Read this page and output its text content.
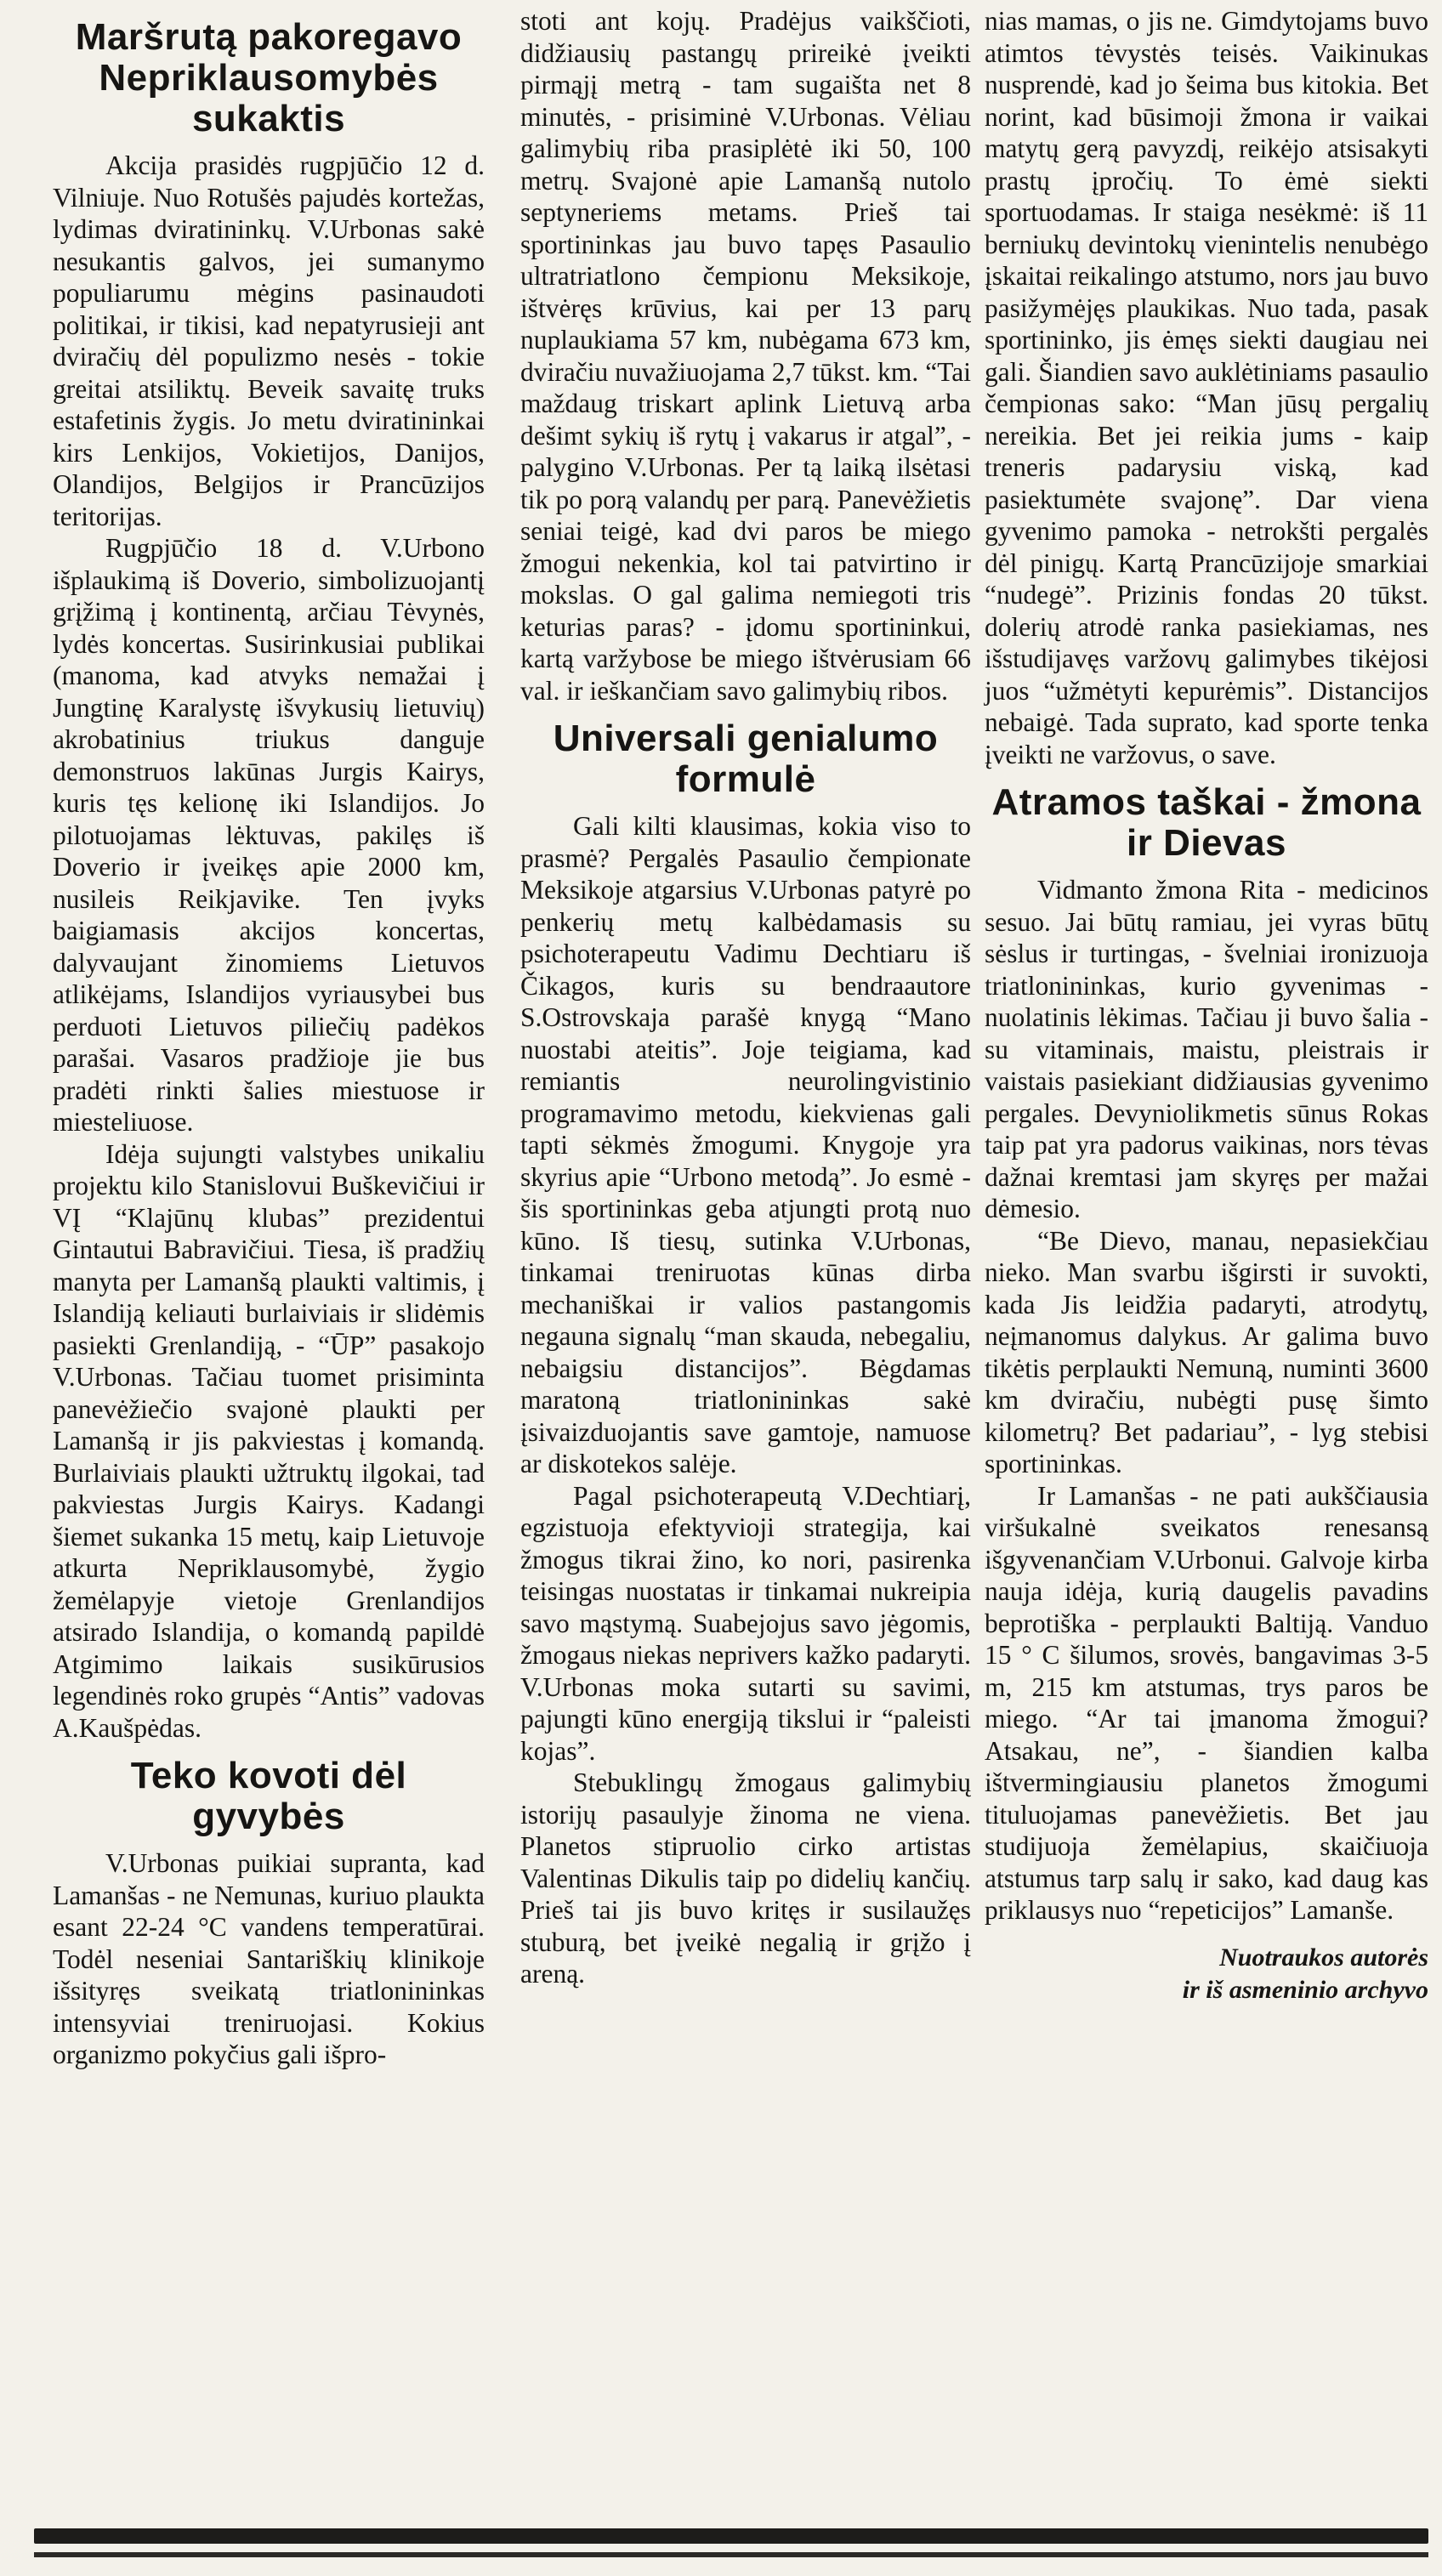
Maršrutą pakoregavo Nepriklausomybės sukaktis

Akcija prasidės rugpjūčio 12 d. Vilniuje. Nuo Rotušės pajudės kortežas, lydimas dviratininkų. V.Urbonas sakė nesukantis galvos, jei sumanymo populiarumu mėgins pasinaudoti politikai, ir tikisi, kad nepatyrusieji ant dviračių dėl populizmo nesės - tokie greitai atsiliktų. Beveik savaitę truks estafetinis žygis. Jo metu dviratininkai kirs Lenkijos, Vokietijos, Danijos, Olandijos, Belgijos ir Prancūzijos teritorijas.

Rugpjūčio 18 d. V.Urbono išplaukimą iš Doverio, simbolizuojantį grįžimą į kontinentą, arčiau Tėvynės, lydės koncertas. Susirinkusiai publikai (manoma, kad atvyks nemažai į Jungtinę Karalystę išvykusių lietuvių) akrobatinius triukus danguje demonstruos lakūnas Jurgis Kairys, kuris tęs kelionę iki Islandijos. Jo pilotuojamas lėktuvas, pakilęs iš Doverio ir įveikęs apie 2000 km, nusileis Reikjavike. Ten įvyks baigiamasis akcijos koncertas, dalyvaujant žinomiems Lietuvos atlikėjams, Islandijos vyriausybei bus perduoti Lietuvos piliečių padėkos parašai. Vasaros pradžioje jie bus pradėti rinkti šalies miestuose ir miesteliuose.

Idėja sujungti valstybes unikaliu projektu kilo Stanislovui Buškevičiui ir VĮ “Klajūnų klubas” prezidentui Gintautui Babravičiui. Tiesa, iš pradžių manyta per Lamanšą plaukti valtimis, į Islandiją keliauti burlaiviais ir slidėmis pasiekti Grenlandiją, - “ŪP” pasakojo V.Urbonas. Tačiau tuomet prisiminta panevėžiečio svajonė plaukti per Lamanšą ir jis pakviestas į komandą. Burlaiviais plaukti užtruktų ilgokai, tad pakviestas Jurgis Kairys. Kadangi šiemet sukanka 15 metų, kaip Lietuvoje atkurta Nepriklausomybė, žygio žemėlapyje vietoje Grenlandijos atsirado Islandija, o komandą papildė Atgimimo laikais susikūrusios legendinės roko grupės “Antis” vadovas A.Kaušpėdas.

Teko kovoti dėl gyvybės

V.Urbonas puikiai supranta, kad Lamanšas - ne Nemunas, kuriuo plaukta esant 22-24 °C vandens temperatūrai. Todėl neseniai Santariškių klinikoje išsityręs sveikatą triatlonininkas intensyviai treniruojasi. Kokius organizmo pokyčius gali išpro-

stoti ant kojų. Pradėjus vaikščioti, didžiausių pastangų prireikė įveikti pirmąjį metrą - tam sugaišta net 8 minutės, - prisiminė V.Urbonas. Vėliau galimybių riba prasiplėtė iki 50, 100 metrų. Svajonė apie Lamanšą nutolo septyneriems metams. Prieš tai sportininkas jau buvo tapęs Pasaulio ultratriatlono čempionu Meksikoje, ištvėręs krūvius, kai per 13 parų nuplaukiama 57 km, nubėgama 673 km, dviračiu nuvažiuojama 2,7 tūkst. km. “Tai maždaug triskart aplink Lietuvą arba dešimt sykių iš rytų į vakarus ir atgal”, - palygino V.Urbonas. Per tą laiką ilsėtasi tik po porą valandų per parą. Panevėžietis seniai teigė, kad dvi paros be miego žmogui nekenkia, kol tai patvirtino ir mokslas. O gal galima nemiegoti tris keturias paras? - įdomu sportininkui, kartą varžybose be miego ištvėrusiam 66 val. ir ieškančiam savo galimybių ribos.

Universali genialumo formulė

Gali kilti klausimas, kokia viso to prasmė? Pergalės Pasaulio čempionate Meksikoje atgarsius V.Urbonas patyrė po penkerių metų kalbėdamasis su psichoterapeutu Vadimu Dechtiaru iš Čikagos, kuris su bendraautore S.Ostrovskaja parašė knygą “Mano nuostabi ateitis”. Joje teigiama, kad remiantis neurolingvistinio programavimo metodu, kiekvienas gali tapti sėkmės žmogumi. Knygoje yra skyrius apie “Urbono metodą”. Jo esmė - šis sportininkas geba atjungti protą nuo kūno. Iš tiesų, sutinka V.Urbonas, tinkamai treniruotas kūnas dirba mechaniškai ir valios pastangomis negauna signalų “man skauda, nebegaliu, nebaigsiu distancijos”. Bėgdamas maratoną triatlonininkas sakė įsivaizduojantis save gamtoje, namuose ar diskotekos salėje.

Pagal psichoterapeutą V.Dechtiarį, egzistuoja efektyvioji strategija, kai žmogus tikrai žino, ko nori, pasirenka teisingas nuostatas ir tinkamai nukreipia savo mąstymą. Suabejojus savo jėgomis, žmogaus niekas neprivers kažko padaryti. V.Urbonas moka sutarti su savimi, pajungti kūno energiją tikslui ir “paleisti kojas”.

Stebuklingų žmogaus galimybių istorijų pasaulyje žinoma ne viena. Planetos stipruolio cirko artistas Valentinas Dikulis taip po didelių kančių. Prieš tai jis buvo kritęs ir susilaužęs stuburą, bet įveikė negalią ir grįžo į areną.

nias mamas, o jis ne. Gimdytojams buvo atimtos tėvystės teisės. Vaikinukas nusprendė, kad jo šeima bus kitokia. Bet norint, kad būsimoji žmona ir vaikai matytų gerą pavyzdį, reikėjo atsisakyti prastų įpročių. To ėmė siekti sportuodamas. Ir staiga nesėkmė: iš 11 berniukų devintokų vienintelis nenubėgo įskaitai reikalingo atstumo, nors jau buvo pasižymėjęs plaukikas. Nuo tada, pasak sportininko, jis ėmęs siekti daugiau nei gali. Šiandien savo auklėtiniams pasaulio čempionas sako: “Man jūsų pergalių nereikia. Bet jei reikia jums - kaip treneris padarysiu viską, kad pasiektumėte svajonę”. Dar viena gyvenimo pamoka - netrokšti pergalės dėl pinigų. Kartą Prancūzijoje smarkiai “nudegė”. Prizinis fondas 20 tūkst. dolerių atrodė ranka pasiekiamas, nes išstudijavęs varžovų galimybes tikėjosi juos “užmėtyti kepurėmis”. Distancijos nebaigė. Tada suprato, kad sporte tenka įveikti ne varžovus, o save.

Atramos taškai - žmona ir Dievas

Vidmanto žmona Rita - medicinos sesuo. Jai būtų ramiau, jei vyras būtų sėslus ir turtingas, - švelniai ironizuoja triatlonininkas, kurio gyvenimas - nuolatinis lėkimas. Tačiau ji buvo šalia - su vitaminais, maistu, pleistrais ir vaistais pasiekiant didžiausias gyvenimo pergales. Devyniolikmetis sūnus Rokas taip pat yra padorus vaikinas, nors tėvas dažnai kremtasi jam skyręs per mažai dėmesio.

“Be Dievo, manau, nepasiekčiau nieko. Man svarbu išgirsti ir suvokti, kada Jis leidžia padaryti, atrodytų, neįmanomus dalykus. Ar galima buvo tikėtis perplaukti Nemuną, numinti 3600 km dviračiu, nubėgti pusę šimto kilometrų? Bet padariau”, - lyg stebisi sportininkas.

Ir Lamanšas - ne pati aukščiausia viršukalnė sveikatos renesansą išgyvenančiam V.Urbonui. Galvoje kirba nauja idėja, kurią daugelis pavadins beprotiška - perplaukti Baltiją. Vanduo 15 ° C šilumos, srovės, bangavimas 3-5 m, 215 km atstumas, trys paros be miego. “Ar tai įmanoma žmogui? Atsakau, ne”, - šiandien kalba ištvermingiausiu planetos žmogumi tituluojamas panevėžietis. Bet jau studijuoja žemėlapius, skaičiuoja atstumus tarp salų ir sako, kad daug kas priklausys nuo “repeticijos” Lamanše.

Nuotraukos autorės
ir iš asmeninio archyvo
